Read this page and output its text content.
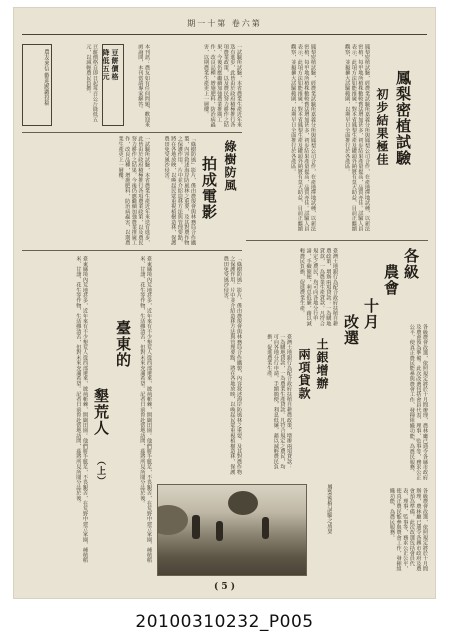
期一十第 卷六第
鳳梨密植試驗
初步結果極佳
鳳梨密植試驗，經農業試驗所嘉義分所與鳳梨公司合作，在產地擇地試種，以新法密植，每甲地所植株數較舊法增加甚多，初步結果產量提高，品質亦佳。試驗人員表示，此項方法如能推廣，對本省鳳梨生產及罐頭外銷將有莫大助益，目前正繼續觀察，並擬擴大試驗範圍，以期早日全面推行於各產區。
鳳梨密植試驗，經農業試驗所嘉義分所與鳳梨公司合作，在產地擇地試種，以新法密植，每甲地所植株數較舊法增加甚多，初步結果產量提高，品質亦佳。試驗人員表示，此項方法如能推廣，對本省鳳梨生產及罐頭外銷將有莫大助益，目前正繼續觀察，並擬擴大試驗範圍，以期早日全面推行於各產區。
一試驗所試驗，本省農業生產近年來迭有進步，此皆由於政府積極推行各項農業政策，以及農民努力耕作之結果。今後仍應繼續加強農業推廣工作，改良品種，增施肥料，防治病蟲害，以期農業生產更上一層樓。
本刊訊：農友如有任何問題，歡迎來函詢問，本刊當請專家解答。
豆餅價格
降低五元
豆餅價格自即日起每百公斤降低五元，以減輕農民負擔。
農友來信 歡迎踴躍投稿
一試驗所試驗，本省農業生產近年來迭有進步，此皆由於政府積極推行各項農業政策，以及農民努力耕作之結果。今後仍應繼續加強農業推廣工作，改良品種，增施肥料，防治病蟲害，以期農業生產更上一層樓。	綠樹防風
拍成電影
「綠樹防風」影片，係由農復會與林務局合作攝製，內容敘述海岸防風林之重要，及其對農作物之保護作用。片中並介紹造林方法與管理要點，將在各地放映，以喚起民眾重視植樹造林，保護農田免受風沙侵害。
各級
農會
十月
改選	各級農會改選，依照規定將於十月間辦理，農林廳已通令各縣市政府及農會預為準備。此次改選包括會員代表、理事、監事等，務求公正公平，使真正農民能參與農會工作，發揮組織功能，為農民服務。
土銀增辦
兩項貸款
臺灣土地銀行為配合政府扶植自耕農政策，增辦兩項貸款：一為購地貸款，一為農業生產貸款。凡符合規定之農民，均可向各地分行申請，手續簡便，利息低廉，藉以減輕農民負擔，促進農業生產。
臺灣土地銀行為配合政府扶植自耕農政策，增辦兩項貸款：一為購地貸款，一為農業生產貸款。凡符合規定之農民，均可向各地分行申請，手續簡便，利息低廉，藉以減輕農民負擔，促進農業生產。
「綠樹防風」影片，係由農復會與林務局合作攝製，內容敘述海岸防風林之重要，及其對農作物之保護作用。片中並介紹造林方法與管理要點，將在各地放映，以喚起民眾重視植樹造林，保護農田免受風沙侵害。
臺東的
墾荒人
（上）	臺東縣境內荒地甚多，近年來有不少墾荒人從西部遷來，披荊斬棘，開闢田園。他們胼手胝足，不畏艱苦，在荒野中建立家園，種植稻米、甘藷、花生等作物，生活雖清苦，但對未來充滿希望。記者日前曾赴當地訪問，茲將所見所聞分誌於後。
臺東縣境內荒地甚多，近年來有不少墾荒人從西部遷來，披荊斬棘，開闢田園。他們胼手胝足，不畏艱苦，在荒野中建立家園，種植稻米、甘藷、花生等作物，生活雖清苦，但對未來充滿希望。記者日前曾赴當地訪問，茲將所見所聞分誌於後。
鳳梨密植試驗之成果	各級農會改選，依照規定將於十月間辦理，農林廳已通令各縣市政府及農會預為準備。此次改選包括會員代表、理事、監事等，務求公正公平，使真正農民能參與農會工作，發揮組織功能，為農民服務。
( 5 )
20100310232_P005
